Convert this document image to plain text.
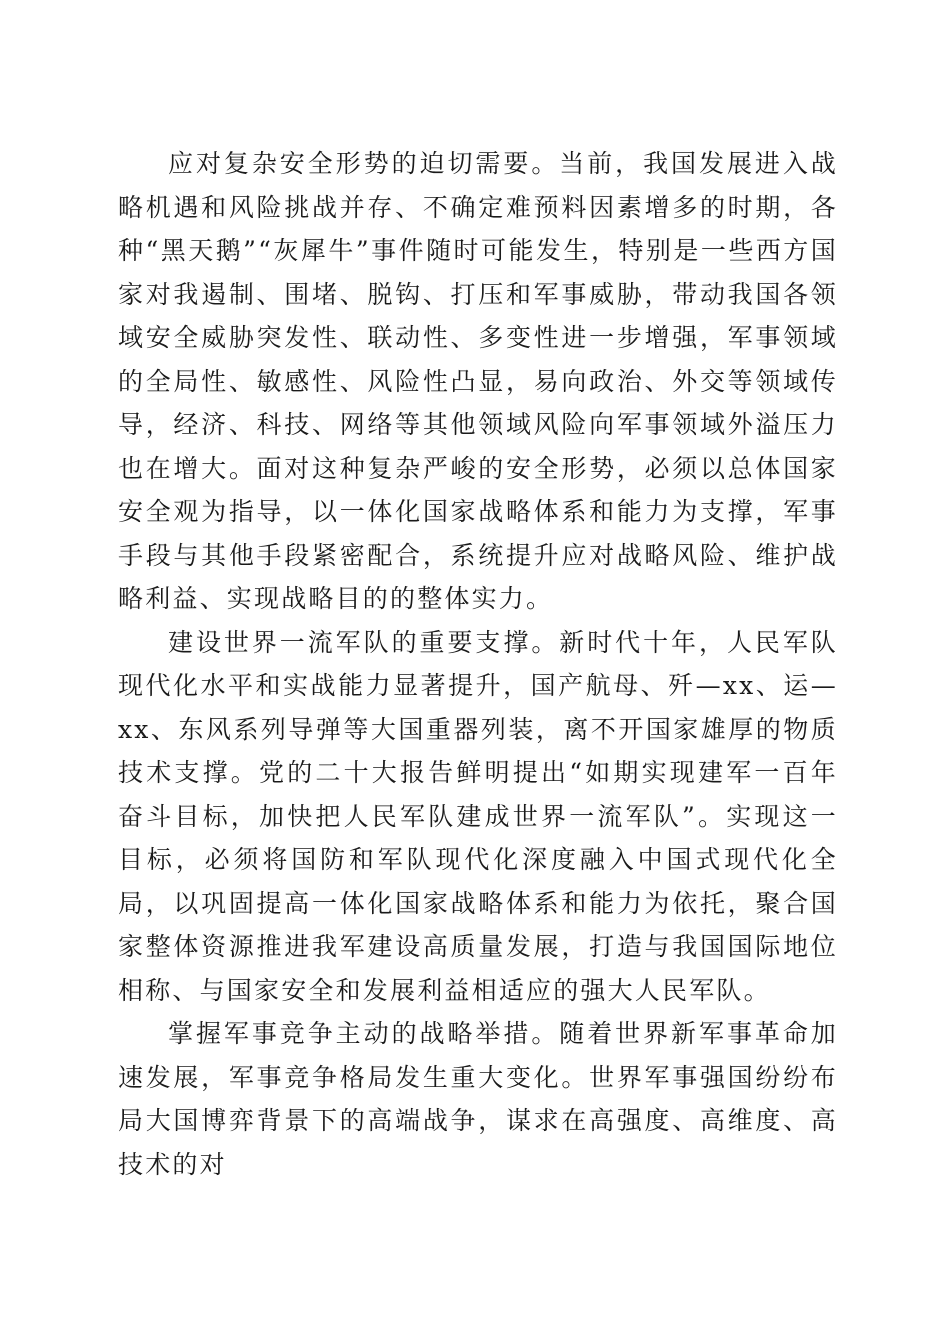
应对复杂安全形势的迫切需要。当前，我国发展进入战略机遇和风险挑战并存、不确定难预料因素增多的时期，各种“黑天鹅”“灰犀牛”事件随时可能发生，特别是一些西方国家对我遏制、围堵、脱钩、打压和军事威胁，带动我国各领域安全威胁突发性、联动性、多变性进一步增强，军事领域的全局性、敏感性、风险性凸显，易向政治、外交等领域传导，经济、科技、网络等其他领域风险向军事领域外溢压力也在增大。面对这种复杂严峻的安全形势，必须以总体国家安全观为指导，以一体化国家战略体系和能力为支撑，军事手段与其他手段紧密配合，系统提升应对战略风险、维护战略利益、实现战略目的的整体实力。

建设世界一流军队的重要支撑。新时代十年，人民军队现代化水平和实战能力显著提升，国产航母、歼—xx、运—xx、东风系列导弹等大国重器列装，离不开国家雄厚的物质技术支撑。党的二十大报告鲜明提出“如期实现建军一百年奋斗目标，加快把人民军队建成世界一流军队”。实现这一目标，必须将国防和军队现代化深度融入中国式现代化全局，以巩固提高一体化国家战略体系和能力为依托，聚合国家整体资源推进我军建设高质量发展，打造与我国国际地位相称、与国家安全和发展利益相适应的强大人民军队。

掌握军事竞争主动的战略举措。随着世界新军事革命加速发展，军事竞争格局发生重大变化。世界军事强国纷纷布局大国博弈背景下的高端战争，谋求在高强度、高维度、高技术的对
